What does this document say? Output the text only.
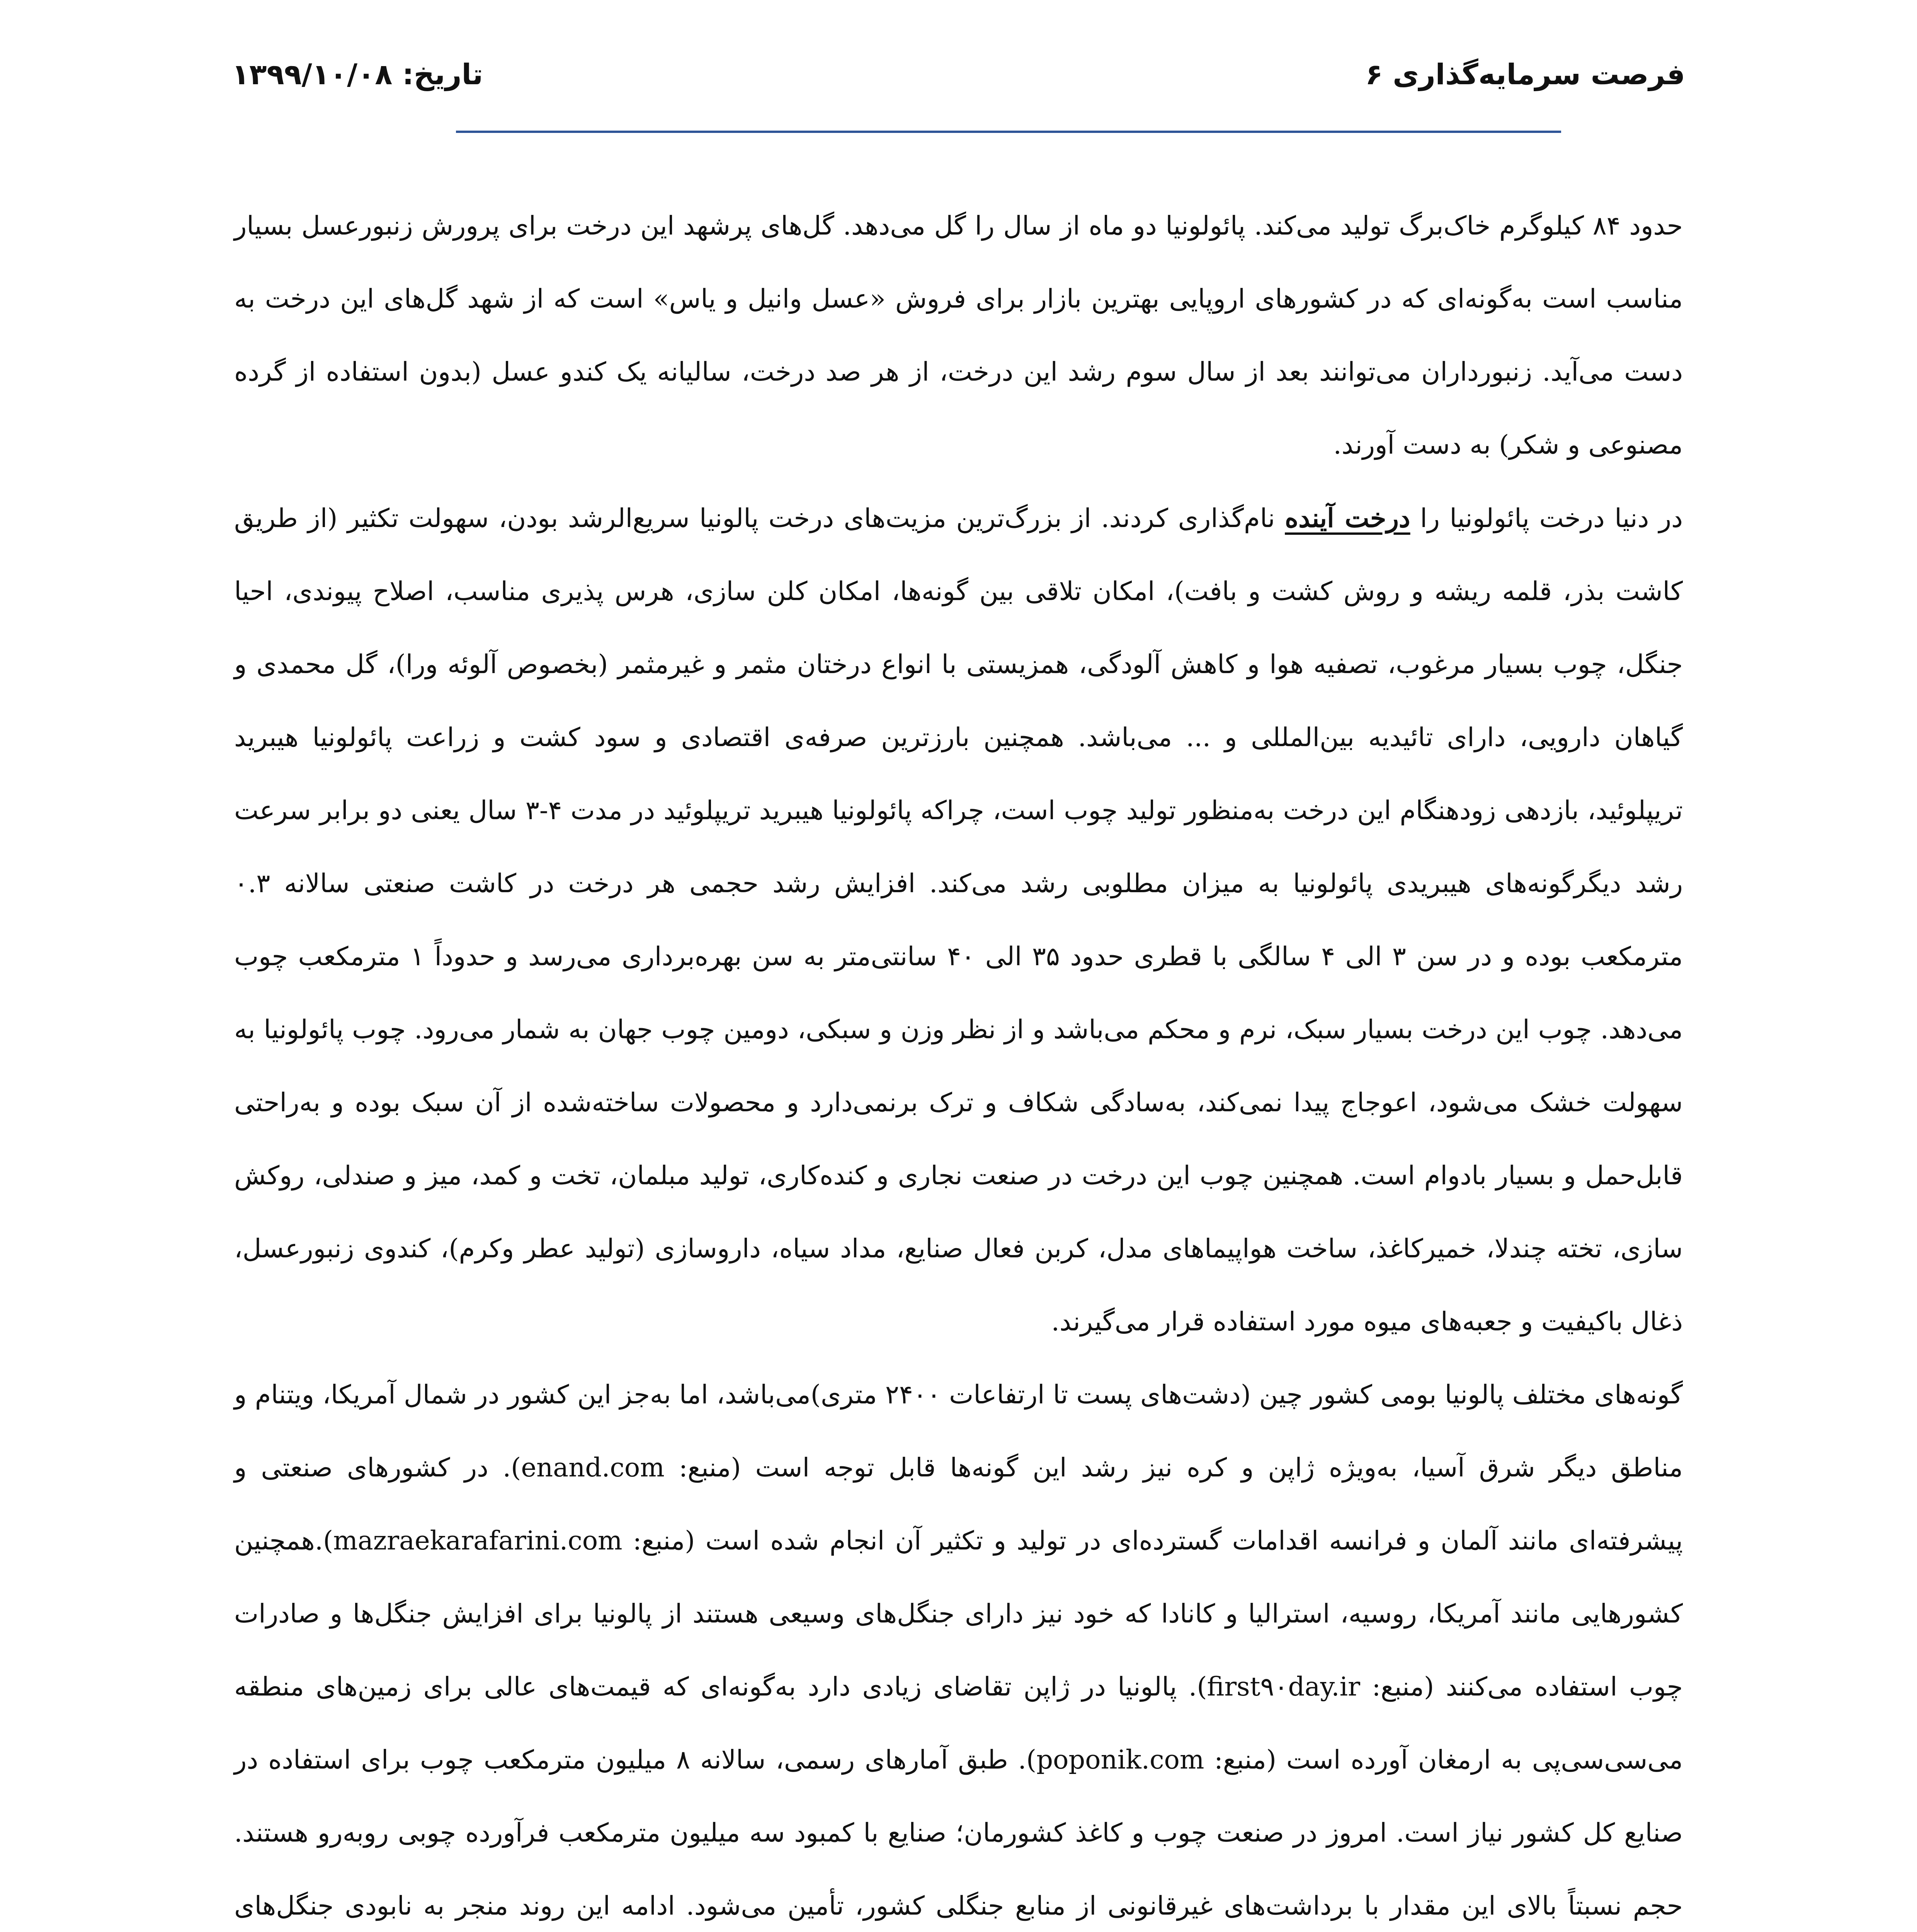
فرصت سرمایه‌گذاری ۶
تاریخ: ۱۳۹۹/۱۰/۰۸

حدود ۸۴ کیلوگرم خاک‌برگ تولید می‌کند. پائولونیا دو ماه از سال را گل می‌دهد. گل‌های پرشهد این درخت برای پرورش زنبورعسل بسیار مناسب است به‌گونه‌ای که در کشورهای اروپایی بهترین بازار برای فروش «عسل وانیل و یاس» است که از شهد گل‌های این درخت به دست می‌آید. زنبورداران می‌توانند بعد از سال سوم رشد این درخت، از هر صد درخت، سالیانه یک کندو عسل (بدون استفاده از گرده مصنوعی و شکر) به دست آورند.

در دنیا درخت پائولونیا را درخت آینده نام‌گذاری کردند. از بزرگ‌ترین مزیت‌های درخت پالونیا سریع‌الرشد بودن، سهولت تکثیر (از طریق کاشت بذر، قلمه ریشه و روش کشت و بافت)، امکان تلاقی بین گونه‌ها، امکان کلن سازی، هرس پذیری مناسب، اصلاح پیوندی، احیا جنگل، چوب بسیار مرغوب، تصفیه هوا و کاهش آلودگی، همزیستی با انواع درختان مثمر و غیرمثمر (بخصوص آلوئه ورا)، گل محمدی و گیاهان دارویی، دارای تائیدیه بین‌المللی و ... می‌باشد. همچنین بارزترین صرفه‌ی اقتصادی و سود کشت و زراعت پائولونیا هیبرید تریپلوئید، بازدهی زودهنگام این درخت به‌منظور تولید چوب است، چراکه پائولونیا هیبرید تریپلوئید در مدت ۴-۳ سال یعنی دو برابر سرعت رشد دیگرگونه‌های هیبریدی پائولونیا به میزان مطلوبی رشد می‌کند. افزایش رشد حجمی هر درخت در کاشت صنعتی سالانه ۰.۳ مترمکعب بوده و در سن ۳ الی ۴ سالگی با قطری حدود ۳۵ الی ۴۰ سانتی‌متر به سن بهره‌برداری می‌رسد و حدوداً ۱ مترمکعب چوب می‌دهد. چوب این درخت بسیار سبک، نرم و محکم می‌باشد و از نظر وزن و سبکی، دومین چوب جهان به شمار می‌رود. چوب پائولونیا به سهولت خشک می‌شود، اعوجاج پیدا نمی‌کند، به‌سادگی شکاف و ترک برنمی‌دارد و محصولات ساخته‌شده از آن سبک بوده و به‌راحتی قابل‌حمل و بسیار بادوام است. همچنین چوب این درخت در صنعت نجاری و کنده‌کاری، تولید مبلمان، تخت و کمد، میز و صندلی، روکش سازی، تخته چندلا، خمیرکاغذ، ساخت هواپیماهای مدل، کربن فعال صنایع، مداد سیاه، داروسازی (تولید عطر وکرم)، کندوی زنبورعسل، ذغال باکیفیت و جعبه‌های میوه مورد استفاده قرار می‌گیرند.

گونه‌های مختلف پالونیا بومی کشور چین (دشت‌های پست تا ارتفاعات ۲۴۰۰ متری)می‌باشد، اما به‌جز این کشور در شمال آمریکا، ویتنام و مناطق دیگر شرق آسیا، به‌ویژه ژاپن و کره نیز رشد این گونه‌ها قابل توجه است (منبع: enand.com). در کشورهای صنعتی و پیشرفته‌ای مانند آلمان و فرانسه اقدامات گسترده‌ای در تولید و تکثیر آن انجام شده است (منبع: mazraekarafarini.com).همچنین کشورهایی مانند آمریکا، روسیه، استرالیا و کانادا که خود نیز دارای جنگل‌های وسیعی هستند از پالونیا برای افزایش جنگل‌ها و صادرات چوب استفاده می‌کنند (منبع: first۹۰day.ir). پالونیا در ژاپن تقاضای زیادی دارد به‌گونه‌ای که قیمت‌های عالی برای زمین‌های منطقه می‌سی‌سی‌پی به ارمغان آورده است (منبع: poponik.com). طبق آمارهای رسمی، سالانه ۸ میلیون مترمکعب چوب برای استفاده در صنایع کل کشور نیاز است. امروز در صنعت چوب و کاغذ کشورمان؛ صنایع با کمبود سه میلیون مترمکعب فرآورده چوبی روبه‌رو هستند. حجم نسبتاً بالای این مقدار با برداشت‌های غیرقانونی از منابع جنگلی کشور، تأمین می‌شود. ادامه این روند منجر به نابودی جنگل‌های
